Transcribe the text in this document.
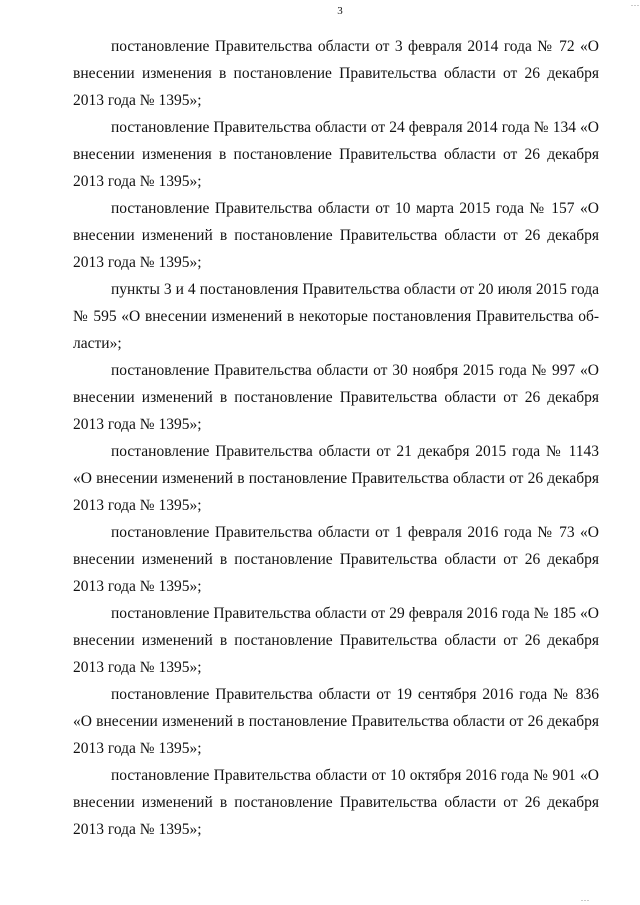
...
3

постановление Правительства области от 3 февраля 2014 года № 72 «О внесении изменения в постановление Правительства области от 26 декабря 2013 года № 1395»;

постановление Правительства области от 24 февраля 2014 года № 134 «О внесении изменения в постановление Правительства области от 26 декабря 2013 года № 1395»;

постановление Правительства области от 10 марта 2015 года № 157 «О внесении изменений в постановление Правительства области от 26 декабря 2013 года № 1395»;

пункты 3 и 4 постановления Правительства области от 20 июля 2015 года № 595 «О внесении изменений в некоторые постановления Правительства области»;

постановление Правительства области от 30 ноября 2015 года № 997 «О внесении изменений в постановление Правительства области от 26 декабря 2013 года № 1395»;

постановление Правительства области от 21 декабря 2015 года № 1143 «О внесении изменений в постановление Правительства области от 26 декабря 2013 года № 1395»;

постановление Правительства области от 1 февраля 2016 года № 73 «О внесении изменений в постановление Правительства области от 26 декабря 2013 года № 1395»;

постановление Правительства области от 29 февраля 2016 года № 185 «О внесении изменений в постановление Правительства области от 26 декабря 2013 года № 1395»;

постановление Правительства области от 19 сентября 2016 года № 836 «О внесении изменений в постановление Правительства области от 26 декабря 2013 года № 1395»;

постановление Правительства области от 10 октября 2016 года № 901 «О внесении изменений в постановление Правительства области от 26 декабря 2013 года № 1395»;

...
